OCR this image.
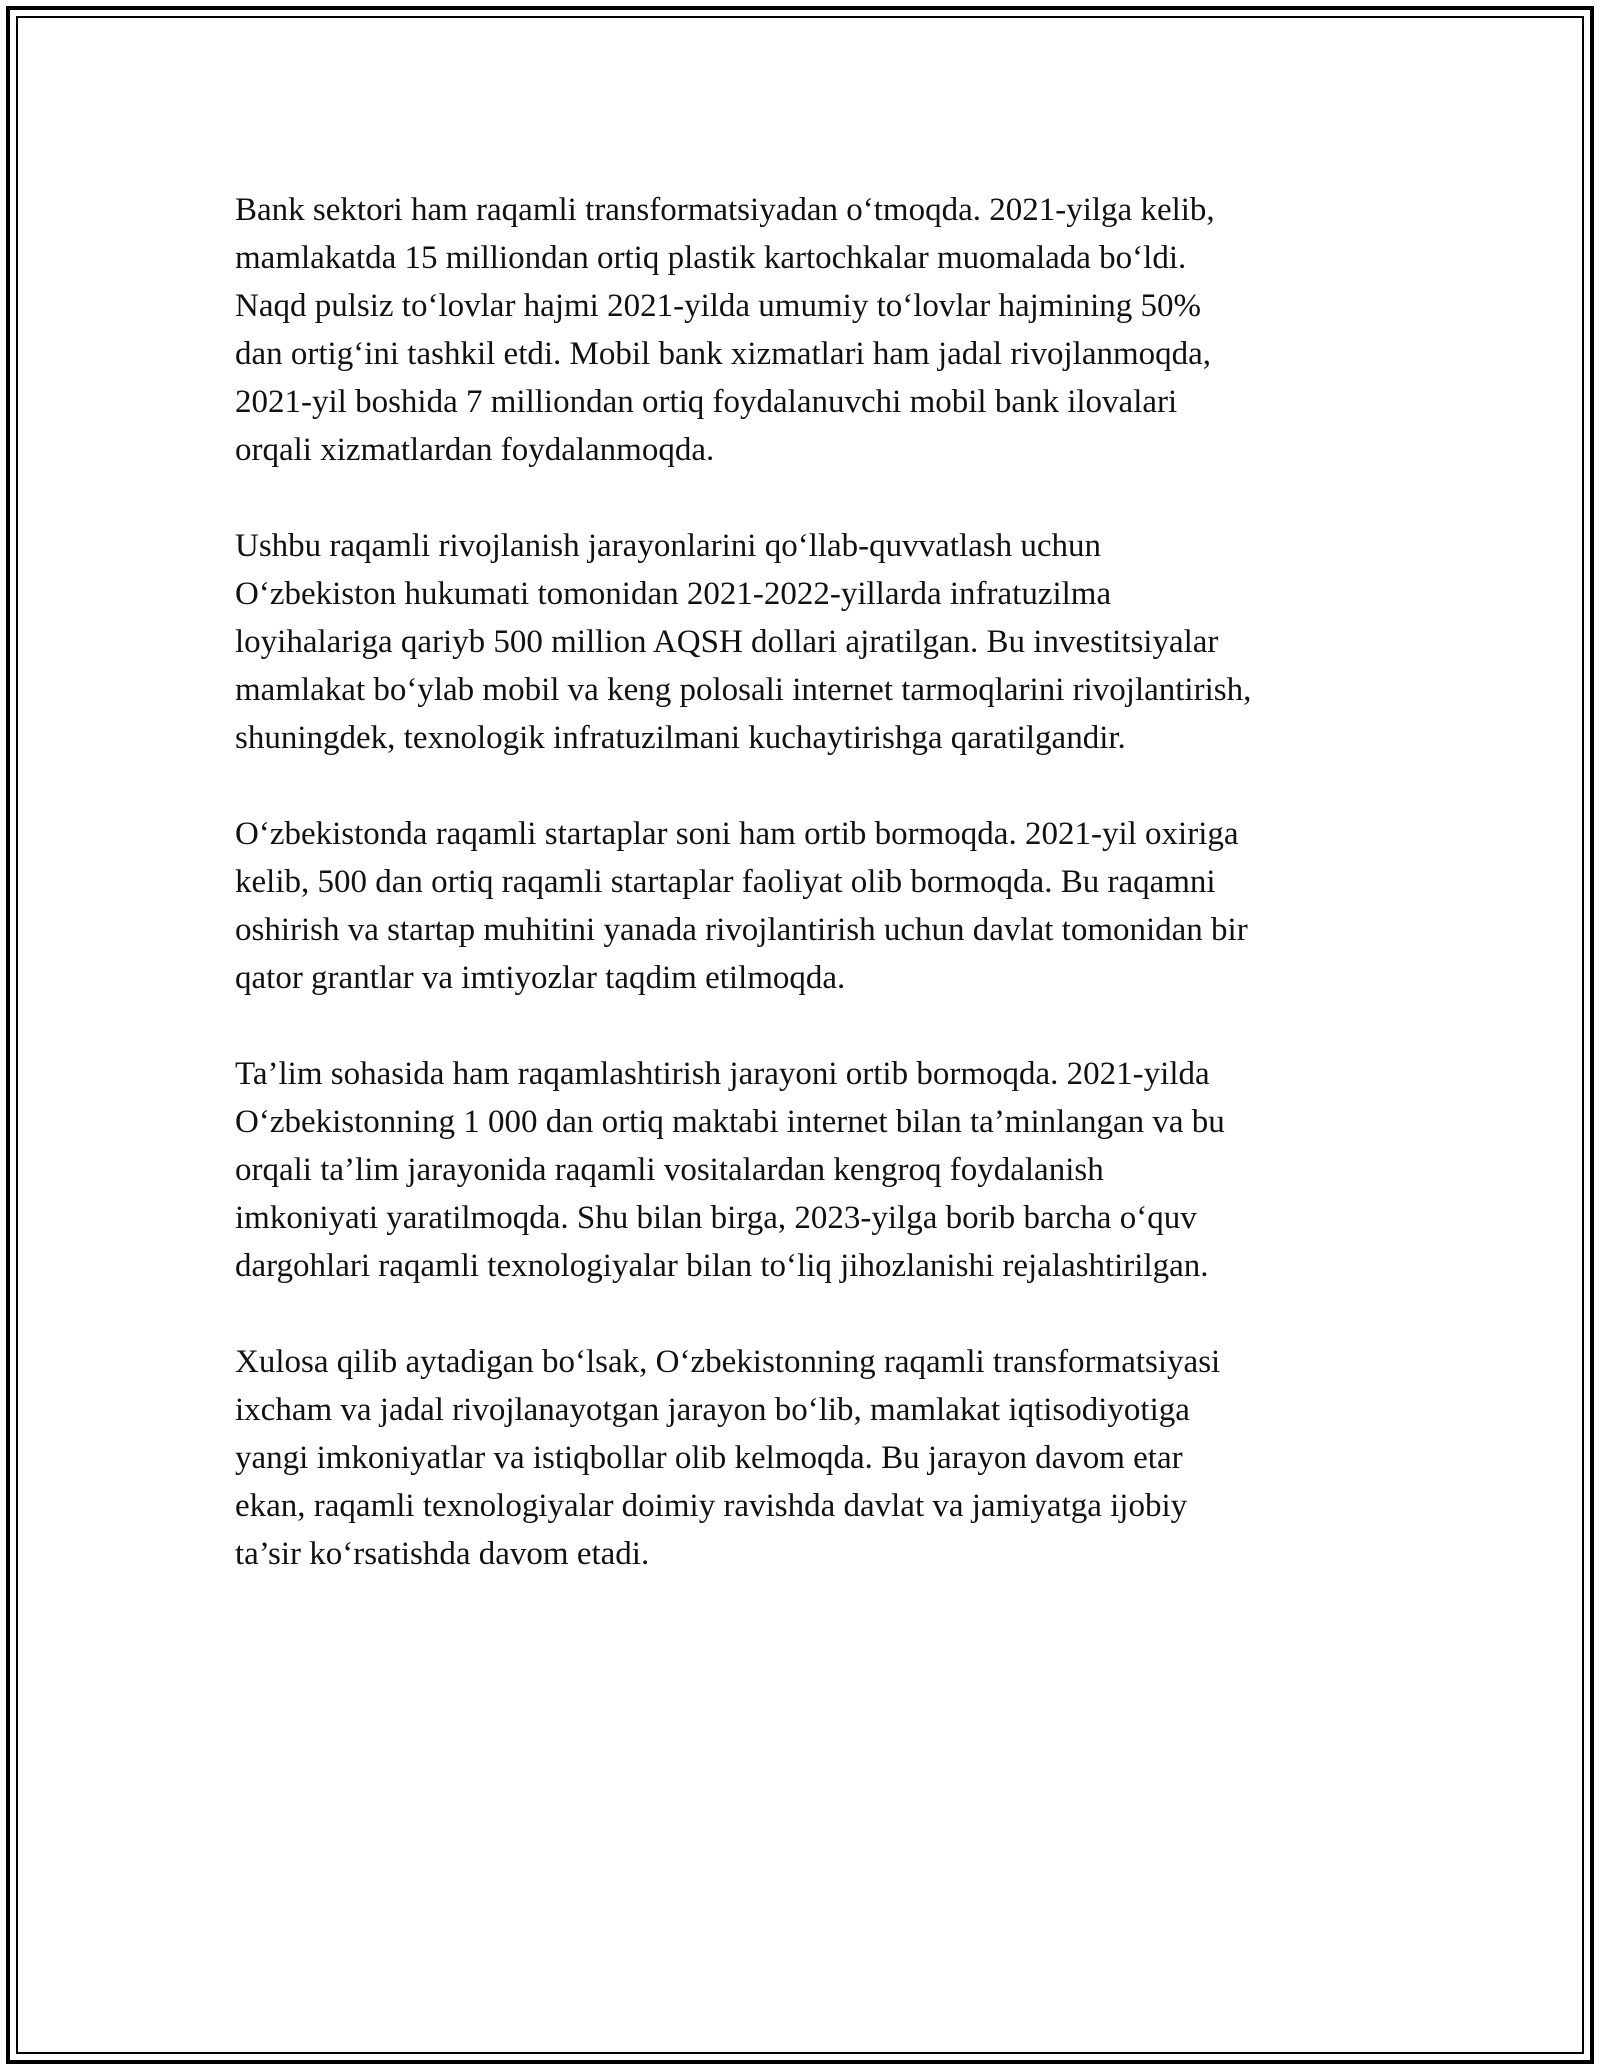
Bank sektori ham raqamli transformatsiyadan oʻtmoqda. 2021-yilga kelib,
mamlakatda 15 milliondan ortiq plastik kartochkalar muomalada boʻldi.
Naqd pulsiz toʻlovlar hajmi 2021-yilda umumiy toʻlovlar hajmining 50%
dan ortigʻini tashkil etdi. Mobil bank xizmatlari ham jadal rivojlanmoqda,
2021-yil boshida 7 milliondan ortiq foydalanuvchi mobil bank ilovalari
orqali xizmatlardan foydalanmoqda.

Ushbu raqamli rivojlanish jarayonlarini qoʻllab-quvvatlash uchun
Oʻzbekiston hukumati tomonidan 2021-2022-yillarda infratuzilma
loyihalariga qariyb 500 million AQSH dollari ajratilgan. Bu investitsiyalar
mamlakat boʻylab mobil va keng polosali internet tarmoqlarini rivojlantirish,
shuningdek, texnologik infratuzilmani kuchaytirishga qaratilgandir.

Oʻzbekistonda raqamli startaplar soni ham ortib bormoqda. 2021-yil oxiriga
kelib, 500 dan ortiq raqamli startaplar faoliyat olib bormoqda. Bu raqamni
oshirish va startap muhitini yanada rivojlantirish uchun davlat tomonidan bir
qator grantlar va imtiyozlar taqdim etilmoqda.

Ta’lim sohasida ham raqamlashtirish jarayoni ortib bormoqda. 2021-yilda
Oʻzbekistonning 1 000 dan ortiq maktabi internet bilan ta’minlangan va bu
orqali ta’lim jarayonida raqamli vositalardan kengroq foydalanish
imkoniyati yaratilmoqda. Shu bilan birga, 2023-yilga borib barcha oʻquv
dargohlari raqamli texnologiyalar bilan toʻliq jihozlanishi rejalashtirilgan.

Xulosa qilib aytadigan boʻlsak, Oʻzbekistonning raqamli transformatsiyasi
ixcham va jadal rivojlanayotgan jarayon boʻlib, mamlakat iqtisodiyotiga
yangi imkoniyatlar va istiqbollar olib kelmoqda. Bu jarayon davom etar
ekan, raqamli texnologiyalar doimiy ravishda davlat va jamiyatga ijobiy
ta’sir koʻrsatishda davom etadi.
